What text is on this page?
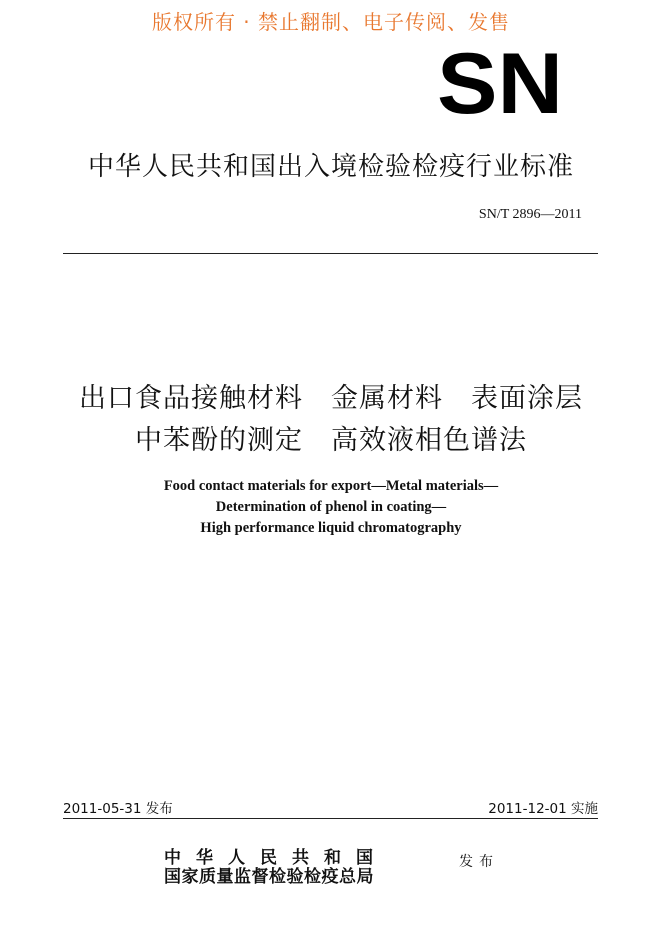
版权所有 · 禁止翻制、电子传阅、发售
SN
中华人民共和国出入境检验检疫行业标准
SN/T 2896—2011
出口食品接触材料　金属材料　表面涂层
中苯酚的测定　高效液相色谱法
Food contact materials for export—Metal materials—
Determination of phenol in coating—
High performance liquid chromatography
2011-05-31 发布	2011-12-01 实施
中华人民共和国
国家质量监督检验检疫总局
发布
